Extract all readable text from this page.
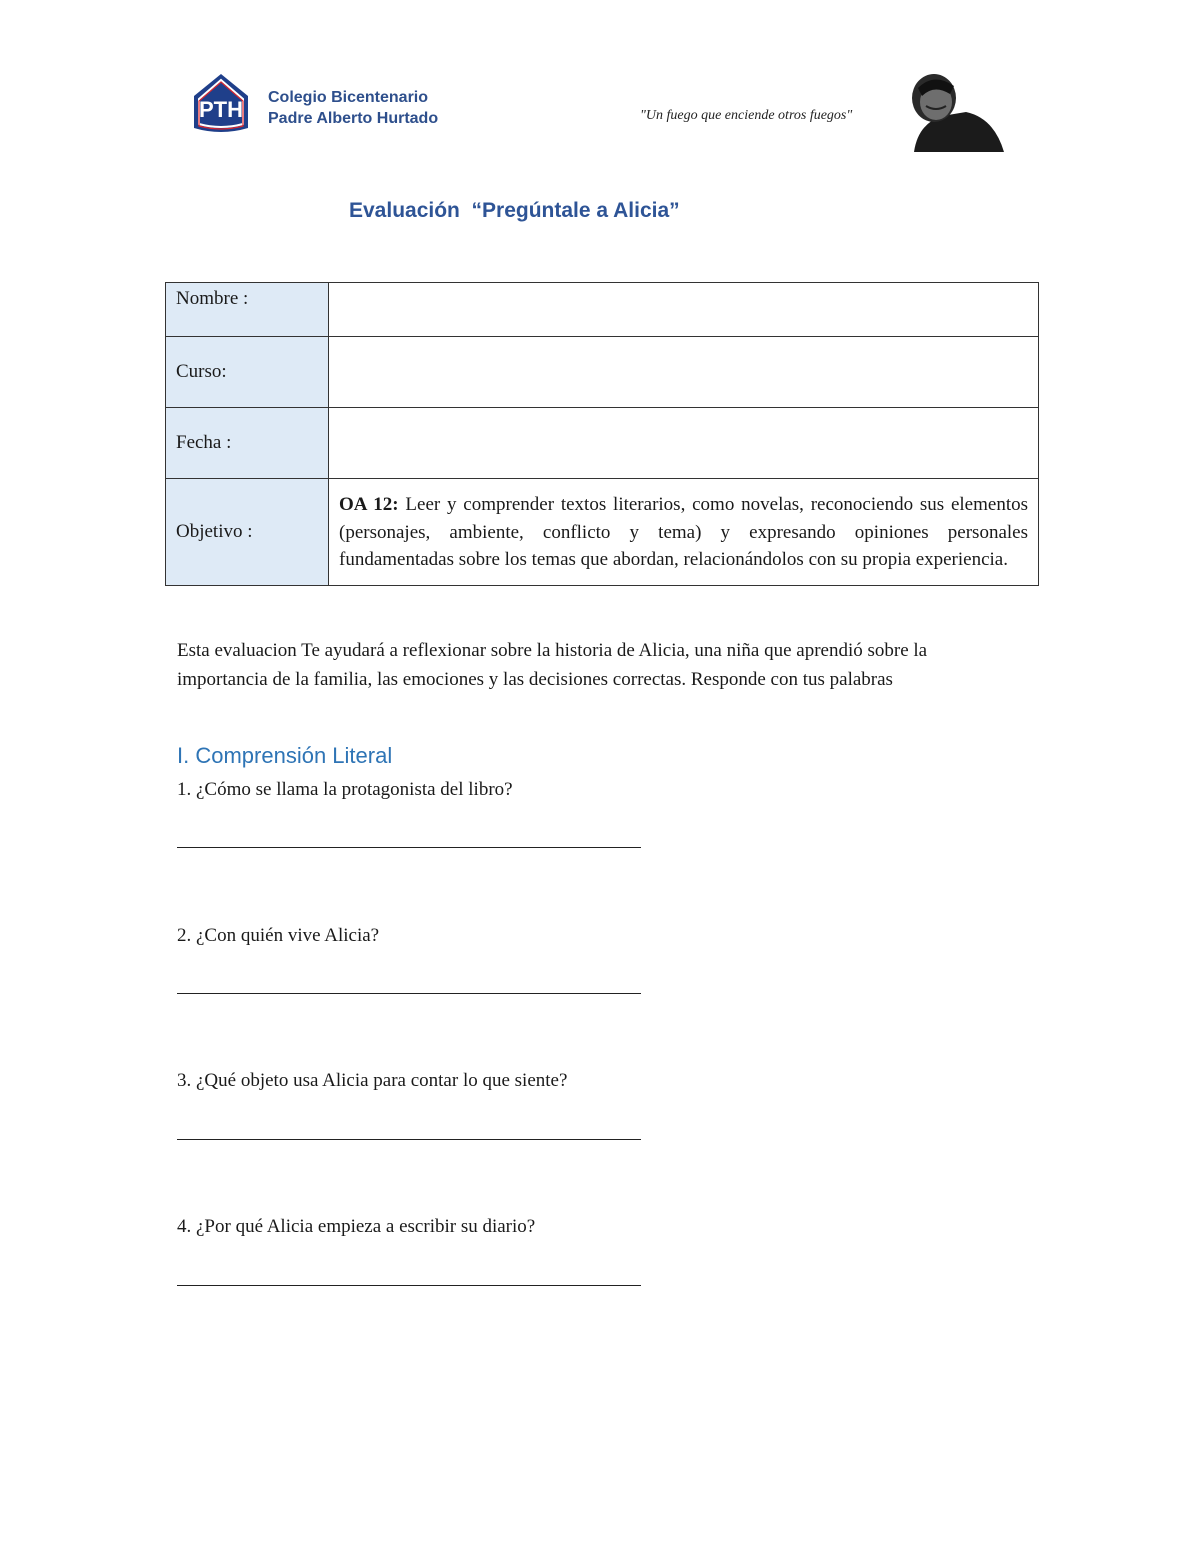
PTH Colegio Bicentenario
Padre Alberto Hurtado	"Un fuego que enciende otros fuegos"
Evaluación  “Pregúntale a Alicia”
Nombre :	
Curso:	
Fecha :	
Objetivo :	OA 12: Leer y comprender textos literarios, como novelas, reconociendo sus elementos (personajes, ambiente, conflicto y tema) y expresando opiniones personales fundamentadas sobre los temas que abordan, relacionándolos con su propia experiencia.
Esta evaluacion Te ayudará a reflexionar sobre la historia de Alicia, una niña que aprendió sobre la importancia de la familia, las emociones y las decisiones correctas. Responde con tus palabras
I. Comprensión Literal
1. ¿Cómo se llama la protagonista del libro?
2. ¿Con quién vive Alicia?
3. ¿Qué objeto usa Alicia para contar lo que siente?
4. ¿Por qué Alicia empieza a escribir su diario?
